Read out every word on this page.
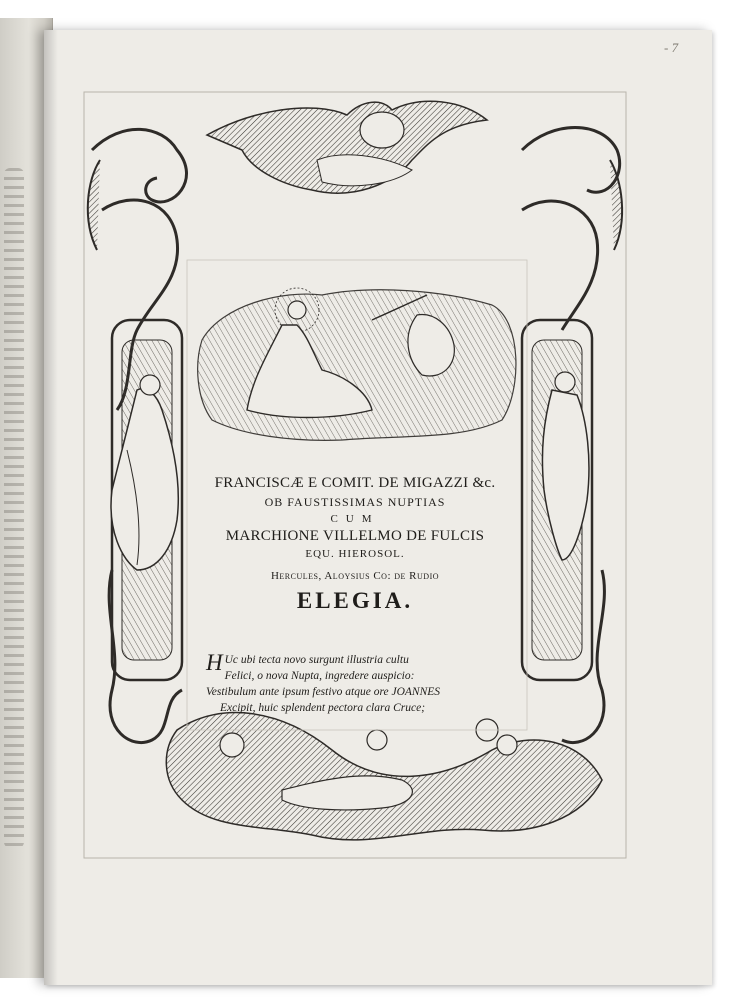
- 7
FRANCISCÆ E COMIT. DE MIGAZZI &c.
OB FAUSTISSIMAS NUPTIAS
CUM
MARCHIONE VILLELMO DE FULCIS
EQU. HIEROSOL.
Hercules, Aloysius Co: de Rudio
ELEGIA.
H Uc ubi tecta novo surgunt illustria cultu
Felici, o nova Nupta, ingredere auspicio:
Vestibulum ante ipsum festivo atque ore JOANNES
Excipit, huic splendent pectora clara Cruce;
